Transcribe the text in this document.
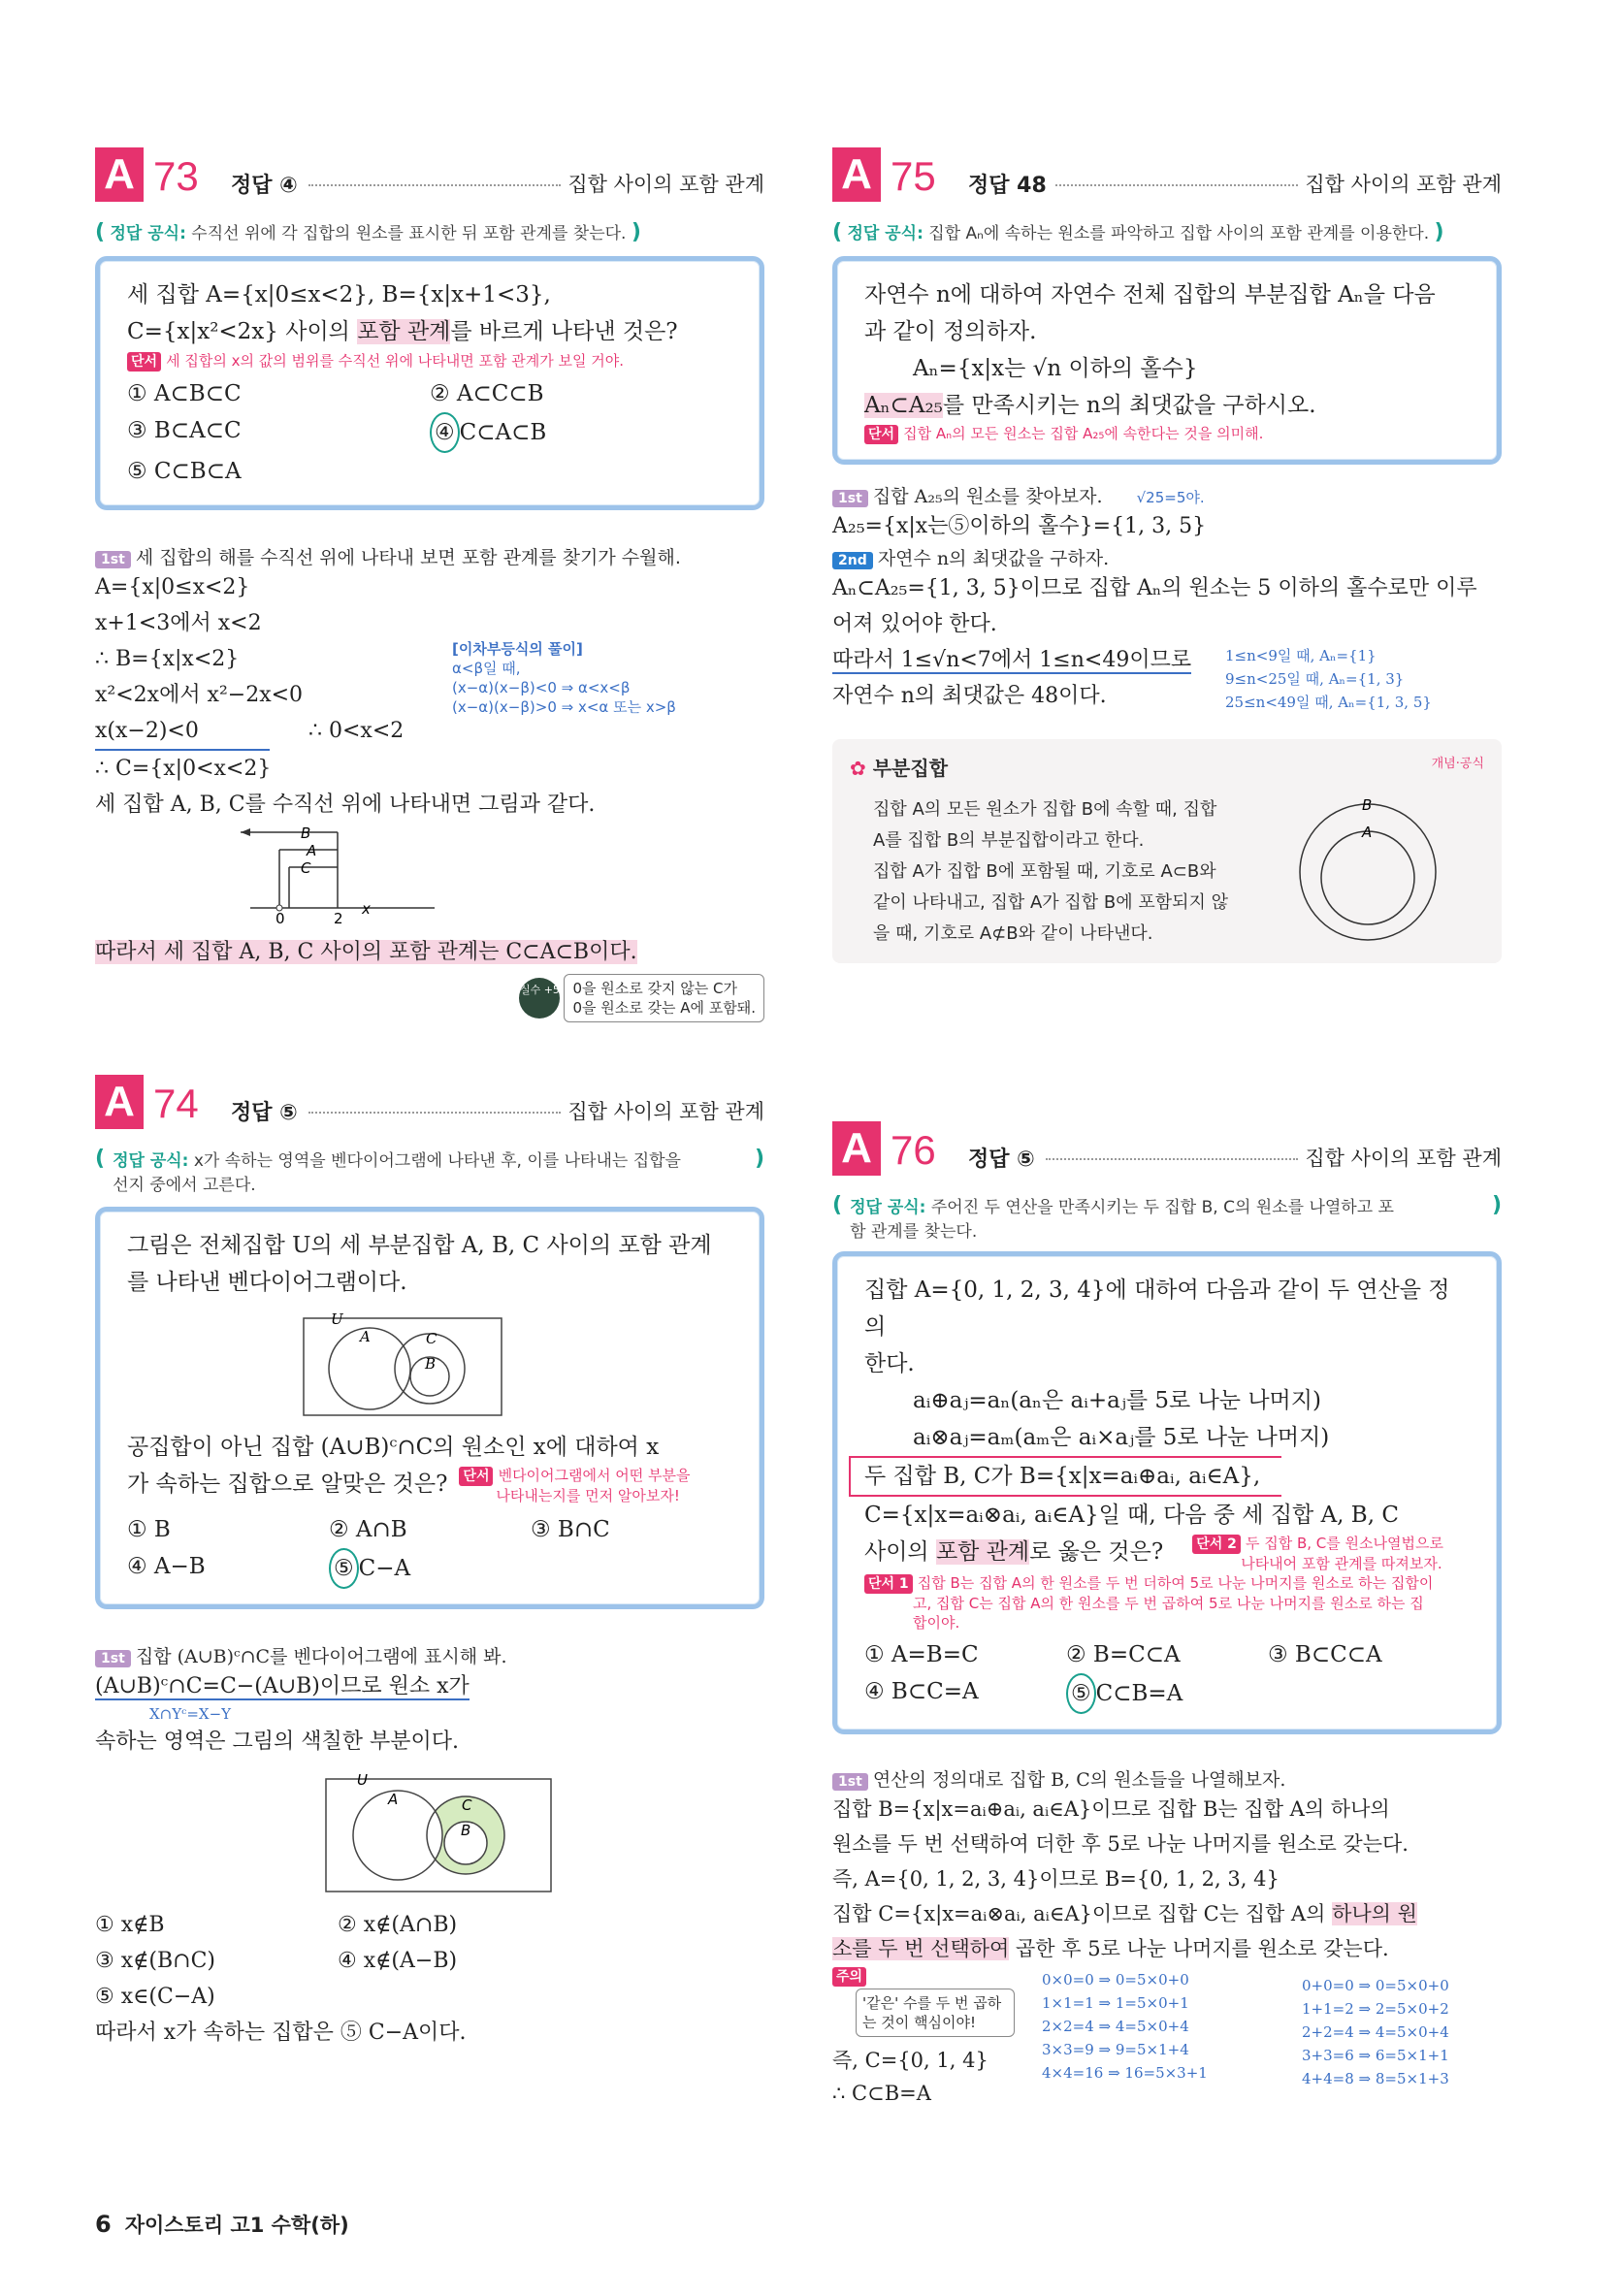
A 73 정답 ④	집합 사이의 포함 관계
( 정답 공식: 수직선 위에 각 집합의 원소를 표시한 뒤 포함 관계를 찾는다. )
세 집합 A={x|0≤x<2}, B={x|x+1<3},
C={x|x²<2x} 사이의 포함 관계를 바르게 나타낸 것은?
단서 세 집합의 x의 값의 범위를 수직선 위에 나타내면 포함 관계가 보일 거야.
① A⊂B⊂C	② A⊂C⊂B
③ B⊂A⊂C	④ C⊂A⊂B
⑤ C⊂B⊂A
1st 세 집합의 해를 수직선 위에 나타내 보면 포함 관계를 찾기가 수월해.
A={x|0≤x<2}
x+1<3에서 x<2
∴ B={x|x<2}
x²<2x에서 x²−2x<0
x(x−2)<0	∴ 0<x<2
∴ C={x|0<x<2}
세 집합 A, B, C를 수직선 위에 나타내면 그림과 같다.
[이차부등식의 풀이]
α<β일 때,
(x−α)(x−β)<0 ⇒ α<x<β
(x−α)(x−β)>0 ⇒ x<α 또는 x>β
B
A
C
0	2
x
따라서 세 집합 A, B, C 사이의 포함 관계는 C⊂A⊂B이다.
실수 +5 0을 원소로 갖지 않는 C가
0을 원소로 갖는 A에 포함돼.
A 74 정답 ⑤	집합 사이의 포함 관계
( 정답 공식: x가 속하는 영역을 벤다이어그램에 나타낸 후, 이를 나타내는 집합을
선지 중에서 고른다.
)
그림은 전체집합 U의 세 부분집합 A, B, C 사이의 포함 관계
를 나타낸 벤다이어그램이다.
U
A	C
B
공집합이 아닌 집합 (A∪B)ᶜ∩C의 원소인 x에 대하여 x
가 속하는 집합으로 알맞은 것은? 단서 벤다이어그램에서 어떤 부분을
나타내는지를 먼저 알아보자!
① B	② A∩B	③ B∩C
④ A−B	⑤ C−A
1st 집합 (A∪B)ᶜ∩C를 벤다이어그램에 표시해 봐.
(A∪B)ᶜ∩C=C−(A∪B)이므로 원소 x가
X∩Yᶜ=X−Y
속하는 영역은 그림의 색칠한 부분이다.
U
A	C
B
① x∉B	② x∉(A∩B)
③ x∉(B∩C)	④ x∉(A−B)
⑤ x∈(C−A)
따라서 x가 속하는 집합은 ⑤ C−A이다.
A 75 정답 48	집합 사이의 포함 관계
( 정답 공식: 집합 Aₙ에 속하는 원소를 파악하고 집합 사이의 포함 관계를 이용한다. )
자연수 n에 대하여 자연수 전체 집합의 부분집합 Aₙ을 다음
과 같이 정의하자.
Aₙ={x|x는 √n 이하의 홀수}
Aₙ⊂A₂₅를 만족시키는 n의 최댓값을 구하시오.
단서 집합 Aₙ의 모든 원소는 집합 A₂₅에 속한다는 것을 의미해.
1st 집합 A₂₅의 원소를 찾아보자. √25=5야.
A₂₅={x|x는⑤이하의 홀수}={1, 3, 5}
2nd 자연수 n의 최댓값을 구하자.
Aₙ⊂A₂₅={1, 3, 5}이므로 집합 Aₙ의 원소는 5 이하의 홀수로만 이루
어져 있어야 한다.
따라서 1≤√n<7에서 1≤n<49이므로
자연수 n의 최댓값은 48이다.
1≤n<9일 때, Aₙ={1}
9≤n<25일 때, Aₙ={1, 3}
25≤n<49일 때, Aₙ={1, 3, 5}
✿ 부분집합	개념·공식
집합 A의 모든 원소가 집합 B에 속할 때, 집합
A를 집합 B의 부분집합이라고 한다.
집합 A가 집합 B에 포함될 때, 기호로 A⊂B와
같이 나타내고, 집합 A가 집합 B에 포함되지 않
을 때, 기호로 A⊄B와 같이 나타낸다.
B
A
A 76 정답 ⑤	집합 사이의 포함 관계
( 정답 공식: 주어진 두 연산을 만족시키는 두 집합 B, C의 원소를 나열하고 포
함 관계를 찾는다.
)
집합 A={0, 1, 2, 3, 4}에 대하여 다음과 같이 두 연산을 정의
한다.
aᵢ⊕aⱼ=aₙ(aₙ은 aᵢ+aⱼ를 5로 나눈 나머지)
aᵢ⊗aⱼ=aₘ(aₘ은 aᵢ×aⱼ를 5로 나눈 나머지)
두 집합 B, C가 B={x|x=aᵢ⊕aᵢ, aᵢ∈A},
C={x|x=aᵢ⊗aᵢ, aᵢ∈A}일 때, 다음 중 세 집합 A, B, C
사이의 포함 관계로 옳은 것은? 단서 2 두 집합 B, C를 원소나열법으로
나타내어 포함 관계를 따져보자.
단서 1 집합 B는 집합 A의 한 원소를 두 번 더하여 5로 나눈 나머지를 원소로 하는 집합이
고, 집합 C는 집합 A의 한 원소를 두 번 곱하여 5로 나눈 나머지를 원소로 하는 집
합이야.
① A=B=C	② B=C⊂A	③ B⊂C⊂A
④ B⊂C=A	⑤ C⊂B=A
1st 연산의 정의대로 집합 B, C의 원소들을 나열해보자.
집합 B={x|x=aᵢ⊕aᵢ, aᵢ∈A}이므로 집합 B는 집합 A의 하나의
원소를 두 번 선택하여 더한 후 5로 나눈 나머지를 원소로 갖는다.
즉, A={0, 1, 2, 3, 4}이므로 B={0, 1, 2, 3, 4}
집합 C={x|x=aᵢ⊗aᵢ, aᵢ∈A}이므로 집합 C는 집합 A의 하나의 원
소를 두 번 선택하여 곱한 후 5로 나눈 나머지를 원소로 갖는다.
주의
'같은' 수를 두 번 곱하
는 것이 핵심이야!
0×0=0 ⇒ 0=5×0+0
1×1=1 ⇒ 1=5×0+1
2×2=4 ⇒ 4=5×0+4
3×3=9 ⇒ 9=5×1+4
4×4=16 ⇒ 16=5×3+1
0+0=0 ⇒ 0=5×0+0
1+1=2 ⇒ 2=5×0+2
2+2=4 ⇒ 4=5×0+4
3+3=6 ⇒ 6=5×1+1
4+4=8 ⇒ 8=5×1+3
즉, C={0, 1, 4}
∴ C⊂B=A
6 자이스토리 고1 수학(하)
